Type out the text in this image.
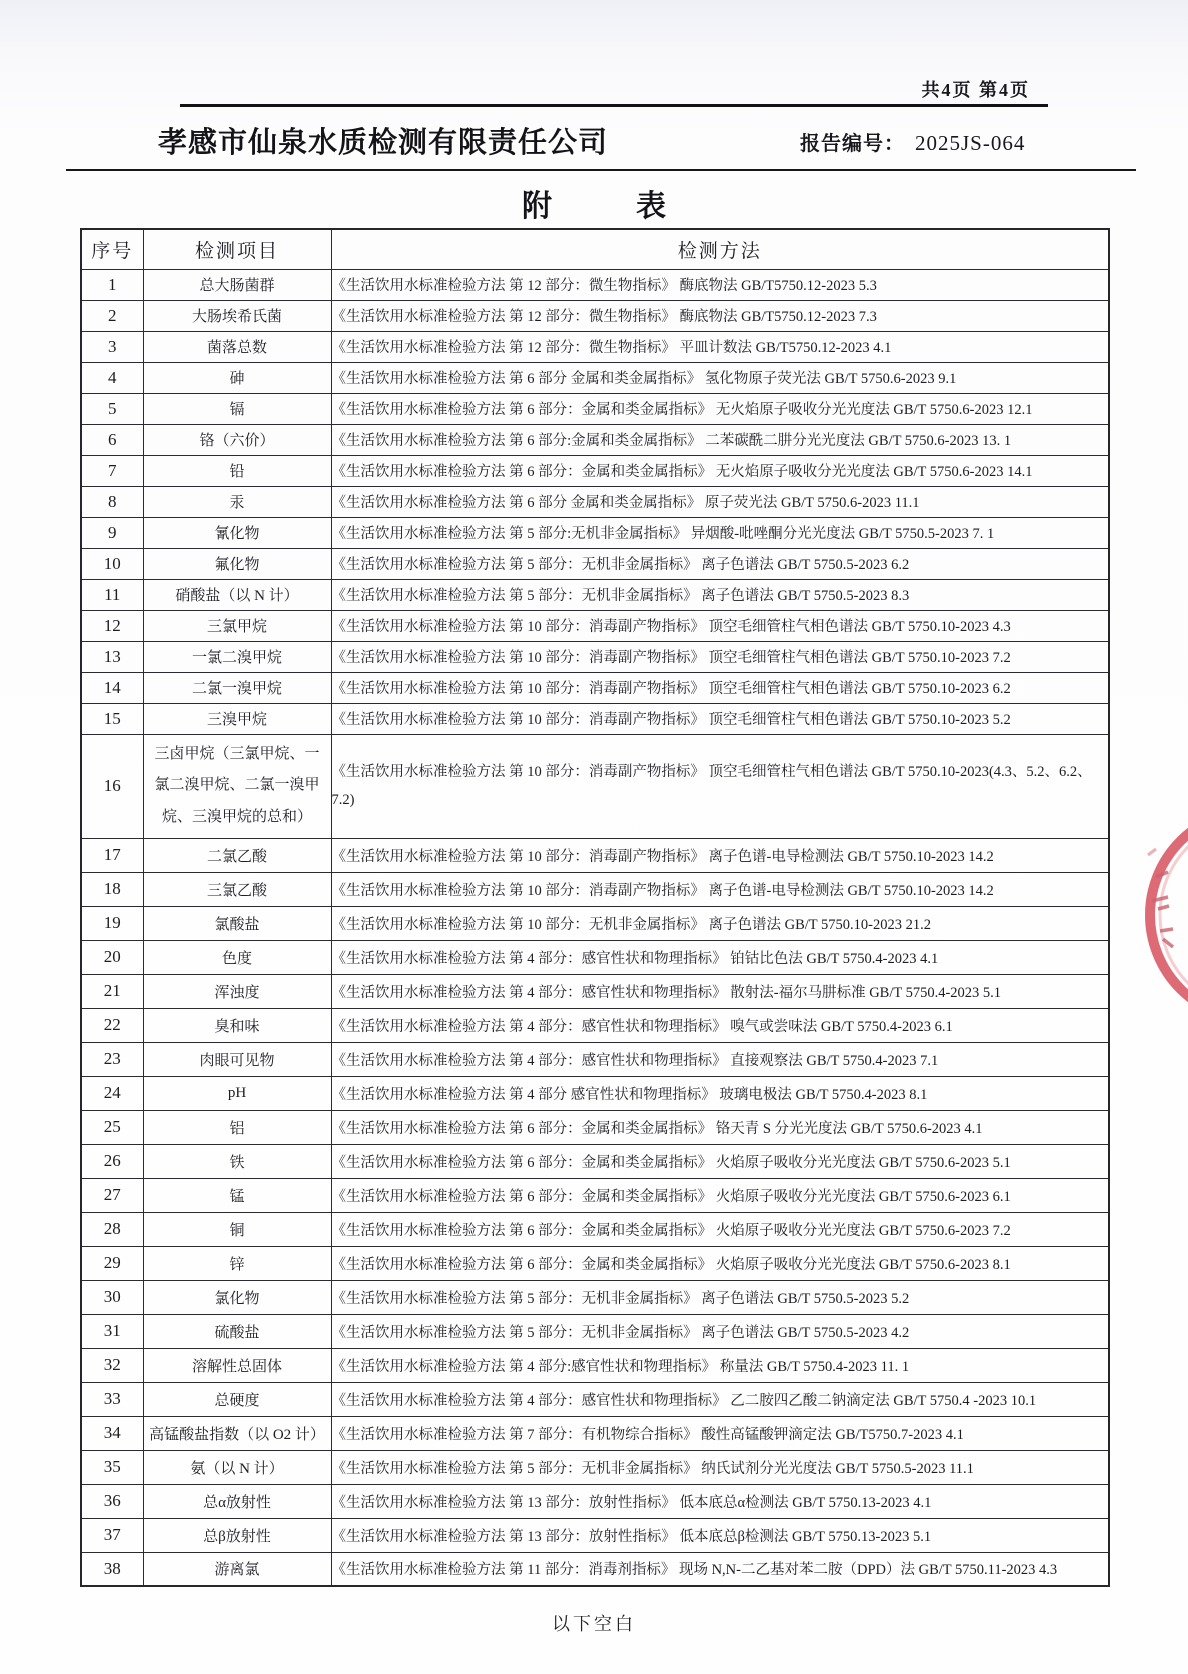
共4页 第4页
孝感市仙泉水质检测有限责任公司	报告编号： 2025JS-064
附	表
序号	检测项目	检测方法
1	总大肠菌群	《生活饮用水标准检验方法 第 12 部分：微生物指标》 酶底物法 GB/T5750.12-2023 5.3
2	大肠埃希氏菌	《生活饮用水标准检验方法 第 12 部分：微生物指标》 酶底物法 GB/T5750.12-2023 7.3
3	菌落总数	《生活饮用水标准检验方法 第 12 部分：微生物指标》 平皿计数法 GB/T5750.12-2023 4.1
4	砷	《生活饮用水标准检验方法 第 6 部分 金属和类金属指标》 氢化物原子荧光法 GB/T 5750.6-2023 9.1
5	镉	《生活饮用水标准检验方法 第 6 部分：金属和类金属指标》 无火焰原子吸收分光光度法 GB/T 5750.6-2023 12.1
6	铬（六价）	《生活饮用水标准检验方法 第 6 部分:金属和类金属指标》 二苯碳酰二肼分光光度法 GB/T 5750.6-2023 13. 1
7	铅	《生活饮用水标准检验方法 第 6 部分：金属和类金属指标》 无火焰原子吸收分光光度法 GB/T 5750.6-2023 14.1
8	汞	《生活饮用水标准检验方法 第 6 部分 金属和类金属指标》 原子荧光法 GB/T 5750.6-2023 11.1
9	氰化物	《生活饮用水标准检验方法 第 5 部分:无机非金属指标》 异烟酸-吡唑酮分光光度法 GB/T 5750.5-2023 7. 1
10	氟化物	《生活饮用水标准检验方法 第 5 部分：无机非金属指标》 离子色谱法 GB/T 5750.5-2023 6.2
11	硝酸盐（以 N 计）	《生活饮用水标准检验方法 第 5 部分：无机非金属指标》 离子色谱法 GB/T 5750.5-2023 8.3
12	三氯甲烷	《生活饮用水标准检验方法 第 10 部分：消毒副产物指标》 顶空毛细管柱气相色谱法 GB/T 5750.10-2023 4.3
13	一氯二溴甲烷	《生活饮用水标准检验方法 第 10 部分：消毒副产物指标》 顶空毛细管柱气相色谱法 GB/T 5750.10-2023 7.2
14	二氯一溴甲烷	《生活饮用水标准检验方法 第 10 部分：消毒副产物指标》 顶空毛细管柱气相色谱法 GB/T 5750.10-2023 6.2
15	三溴甲烷	《生活饮用水标准检验方法 第 10 部分：消毒副产物指标》 顶空毛细管柱气相色谱法 GB/T 5750.10-2023 5.2
16	三卤甲烷（三氯甲烷、一氯二溴甲烷、二氯一溴甲烷、三溴甲烷的总和）	《生活饮用水标准检验方法 第 10 部分：消毒副产物指标》 顶空毛细管柱气相色谱法 GB/T 5750.10-2023(4.3、5.2、6.2、7.2)
17	二氯乙酸	《生活饮用水标准检验方法 第 10 部分：消毒副产物指标》 离子色谱-电导检测法 GB/T 5750.10-2023 14.2
18	三氯乙酸	《生活饮用水标准检验方法 第 10 部分：消毒副产物指标》 离子色谱-电导检测法 GB/T 5750.10-2023 14.2
19	氯酸盐	《生活饮用水标准检验方法 第 10 部分：无机非金属指标》 离子色谱法 GB/T 5750.10-2023 21.2
20	色度	《生活饮用水标准检验方法 第 4 部分：感官性状和物理指标》 铂钴比色法 GB/T 5750.4-2023 4.1
21	浑浊度	《生活饮用水标准检验方法 第 4 部分：感官性状和物理指标》 散射法-福尔马肼标准 GB/T 5750.4-2023 5.1
22	臭和味	《生活饮用水标准检验方法 第 4 部分：感官性状和物理指标》 嗅气或尝味法 GB/T 5750.4-2023 6.1
23	肉眼可见物	《生活饮用水标准检验方法 第 4 部分：感官性状和物理指标》 直接观察法 GB/T 5750.4-2023 7.1
24	pH	《生活饮用水标准检验方法 第 4 部分 感官性状和物理指标》 玻璃电极法 GB/T 5750.4-2023 8.1
25	铝	《生活饮用水标准检验方法 第 6 部分：金属和类金属指标》 铬天青 S 分光光度法 GB/T 5750.6-2023 4.1
26	铁	《生活饮用水标准检验方法 第 6 部分：金属和类金属指标》 火焰原子吸收分光光度法 GB/T 5750.6-2023 5.1
27	锰	《生活饮用水标准检验方法 第 6 部分：金属和类金属指标》 火焰原子吸收分光光度法 GB/T 5750.6-2023 6.1
28	铜	《生活饮用水标准检验方法 第 6 部分：金属和类金属指标》 火焰原子吸收分光光度法 GB/T 5750.6-2023 7.2
29	锌	《生活饮用水标准检验方法 第 6 部分：金属和类金属指标》 火焰原子吸收分光光度法 GB/T 5750.6-2023 8.1
30	氯化物	《生活饮用水标准检验方法 第 5 部分：无机非金属指标》 离子色谱法 GB/T 5750.5-2023 5.2
31	硫酸盐	《生活饮用水标准检验方法 第 5 部分：无机非金属指标》 离子色谱法 GB/T 5750.5-2023 4.2
32	溶解性总固体	《生活饮用水标准检验方法 第 4 部分:感官性状和物理指标》 称量法 GB/T 5750.4-2023 11. 1
33	总硬度	《生活饮用水标准检验方法 第 4 部分：感官性状和物理指标》 乙二胺四乙酸二钠滴定法 GB/T 5750.4 -2023 10.1
34	高锰酸盐指数（以 O2 计）	《生活饮用水标准检验方法 第 7 部分：有机物综合指标》 酸性高锰酸钾滴定法 GB/T5750.7-2023 4.1
35	氨（以 N 计）	《生活饮用水标准检验方法 第 5 部分：无机非金属指标》 纳氏试剂分光光度法 GB/T 5750.5-2023 11.1
36	总α放射性	《生活饮用水标准检验方法 第 13 部分：放射性指标》 低本底总α检测法 GB/T 5750.13-2023 4.1
37	总β放射性	《生活饮用水标准检验方法 第 13 部分：放射性指标》 低本底总β检测法 GB/T 5750.13-2023 5.1
38	游离氯	《生活饮用水标准检验方法 第 11 部分：消毒剂指标》 现场 N,N-二乙基对苯二胺（DPD）法 GB/T 5750.11-2023 4.3
以下空白
